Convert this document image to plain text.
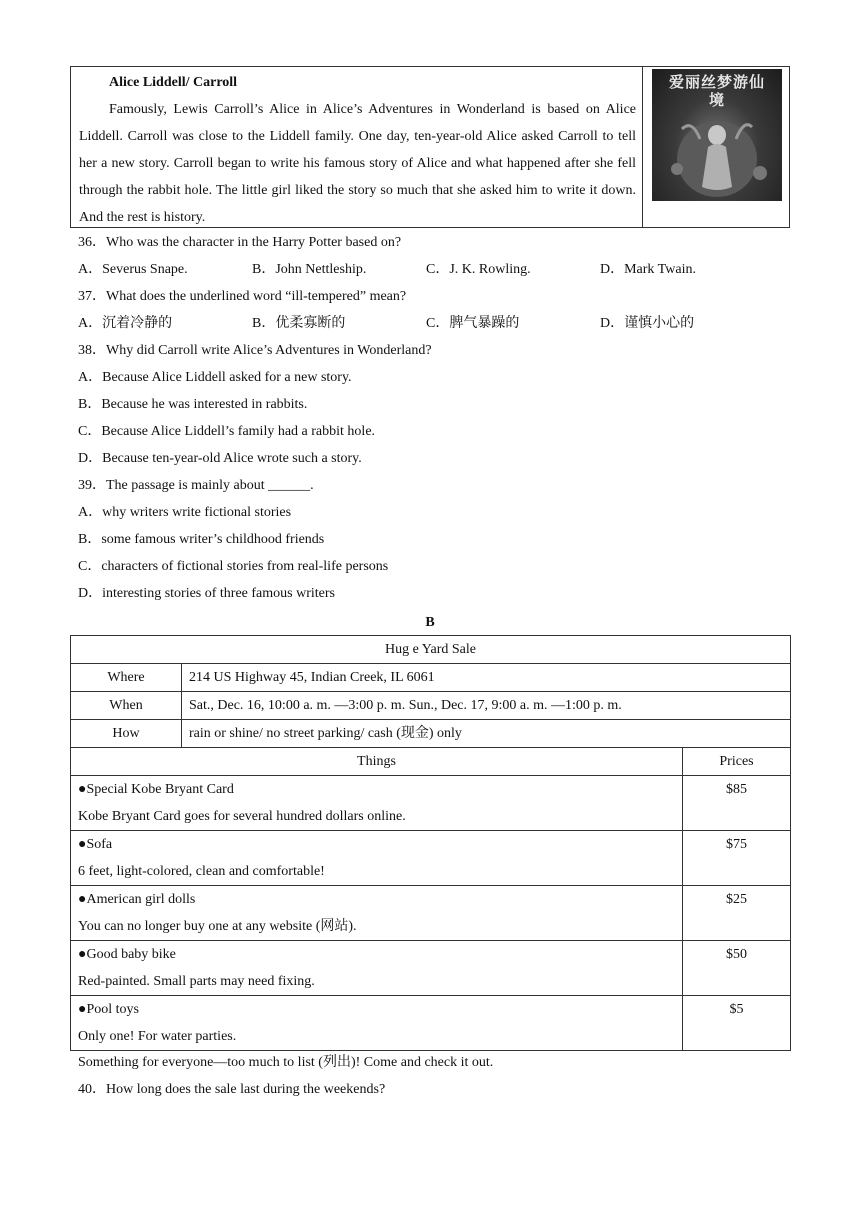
Alice Liddell/ Carroll
Famously, Lewis Carroll’s Alice in Alice’s Adventures in Wonderland is based on Alice Liddell. Carroll was close to the Liddell family. One day, ten-year-old Alice asked Carroll to tell her a new story. Carroll began to write his famous story of Alice and what happened after she fell through the rabbit hole. The little girl liked the story so much that she asked him to write it down. And the rest is history.
爱丽丝梦游仙境
36．Who was the character in the Harry Potter based on?
A．Severus Snape.	B．John Nettleship.	C．J. K. Rowling.	D．Mark Twain.
37．What does the underlined word “ill-tempered” mean?
A．沉着冷静的	B．优柔寡断的	C．脾气暴躁的	D．谨慎小心的
38．Why did Carroll write Alice’s Adventures in Wonderland?
A．Because Alice Liddell asked for a new story.
B．Because he was interested in rabbits.
C．Because Alice Liddell’s family had a rabbit hole.
D．Because ten-year-old Alice wrote such a story.
39．The passage is mainly about ______.
A．why writers write fictional stories
B．some famous writer’s childhood friends
C．characters of fictional stories from real-life persons
D．interesting stories of three famous writers
B
Hug e Yard Sale		
Where	214 US Highway 45, Indian Creek, IL 6061	
When	Sat., Dec. 16, 10:00 a. m. —3:00 p. m. Sun., Dec. 17, 9:00 a. m. —1:00 p. m.	
How	rain or shine/ no street parking/ cash (现金) only	
Things		Prices

●Special Kobe Bryant Card
Kobe Bryant Card goes for several hundred dollars online.		$85

●Sofa
6 feet, light-colored, clean and comfortable!		$75

●American girl dolls
You can no longer buy one at any website (网站).		$25

●Good baby bike
Red-painted. Small parts may need fixing.		$50

●Pool toys
Only one! For water parties.		$5
Something for everyone—too much to list (列出)! Come and check it out.
40．How long does the sale last during the weekends?
